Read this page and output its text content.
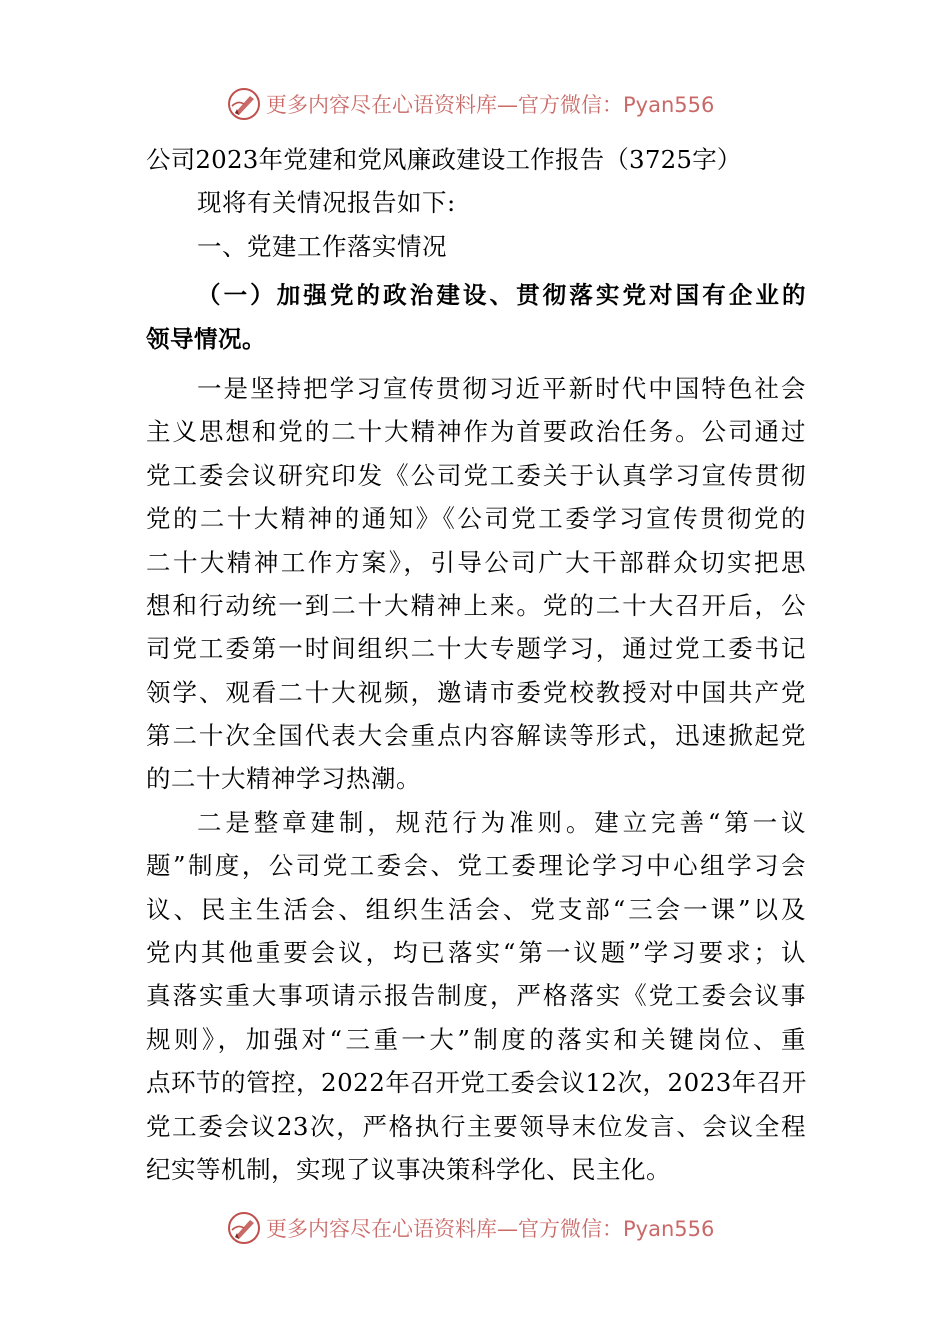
更多内容尽在心语资料库—官方微信：Pyan556
公司2023年党建和党风廉政建设工作报告（3725字）
现将有关情况报告如下:
一、党建工作落实情况
（一）加强党的政治建设、贯彻落实党对国有企业的
领导情况。
一是坚持把学习宣传贯彻习近平新时代中国特色社会
主义思想和党的二十大精神作为首要政治任务。公司通过
党工委会议研究印发《公司党工委关于认真学习宣传贯彻
党的二十大精神的通知》《公司党工委学习宣传贯彻党的
二十大精神工作方案》，引导公司广大干部群众切实把思
想和行动统一到二十大精神上来。党的二十大召开后，公
司党工委第一时间组织二十大专题学习，通过党工委书记
领学、观看二十大视频，邀请市委党校教授对中国共产党
第二十次全国代表大会重点内容解读等形式，迅速掀起党
的二十大精神学习热潮。
二是整章建制，规范行为准则。建立完善“第一议
题”制度，公司党工委会、党工委理论学习中心组学习会
议、民主生活会、组织生活会、党支部“三会一课”以及
党内其他重要会议，均已落实“第一议题”学习要求；认
真落实重大事项请示报告制度，严格落实《党工委会议事
规则》，加强对“三重一大”制度的落实和关键岗位、重
点环节的管控，2022年召开党工委会议12次，2023年召开
党工委会议23次，严格执行主要领导末位发言、会议全程
纪实等机制，实现了议事决策科学化、民主化。
更多内容尽在心语资料库—官方微信：Pyan556
